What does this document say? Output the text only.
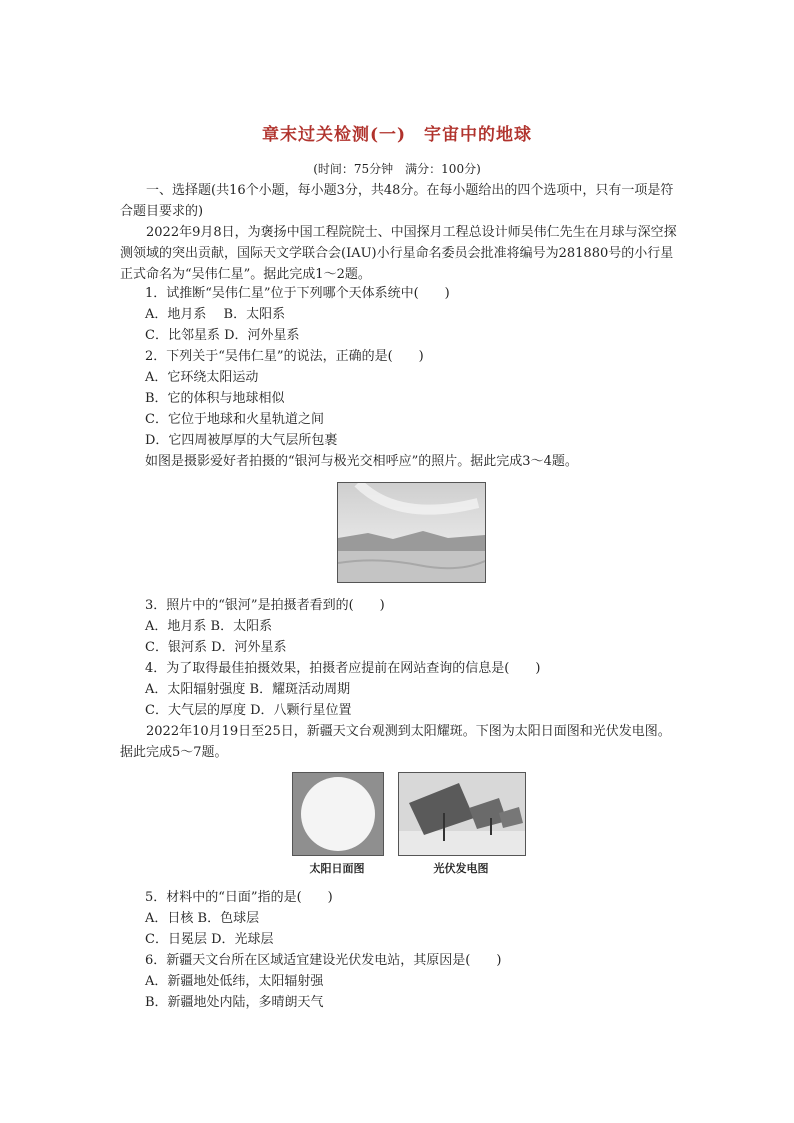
章末过关检测(一)　宇宙中的地球
(时间：75分钟　满分：100分)

一、选择题(共16个小题，每小题3分，共48分。在每小题给出的四个选项中，只有一项是符合题目要求的)

2022年9月8日，为褒扬中国工程院院士、中国探月工程总设计师吴伟仁先生在月球与深空探测领域的突出贡献，国际天文学联合会(IAU)小行星命名委员会批准将编号为281880号的小行星正式命名为“吴伟仁星”。据此完成1～2题。

1．试推断“吴伟仁星”位于下列哪个天体系统中(　　)
A．地月系　 B．太阳系
C．比邻星系 D．河外星系
2．下列关于“吴伟仁星”的说法，正确的是(　　)
A．它环绕太阳运动
B．它的体积与地球相似
C．它位于地球和火星轨道之间
D．它四周被厚厚的大气层所包裹
如图是摄影爱好者拍摄的“银河与极光交相呼应”的照片。据此完成3～4题。
3．照片中的“银河”是拍摄者看到的(　　)
A．地月系 B．太阳系
C．银河系 D．河外星系
4．为了取得最佳拍摄效果，拍摄者应提前在网站查询的信息是(　　)
A．太阳辐射强度 B．耀斑活动周期
C．大气层的厚度 D．八颗行星位置

2022年10月19日至25日，新疆天文台观测到太阳耀斑。下图为太阳日面图和光伏发电图。据此完成5～7题。

太阳日面图	光伏发电图
5．材料中的“日面”指的是(　　)
A．日核 B．色球层
C．日冕层 D．光球层
6．新疆天文台所在区域适宜建设光伏发电站，其原因是(　　)
A．新疆地处低纬，太阳辐射强
B．新疆地处内陆，多晴朗天气
